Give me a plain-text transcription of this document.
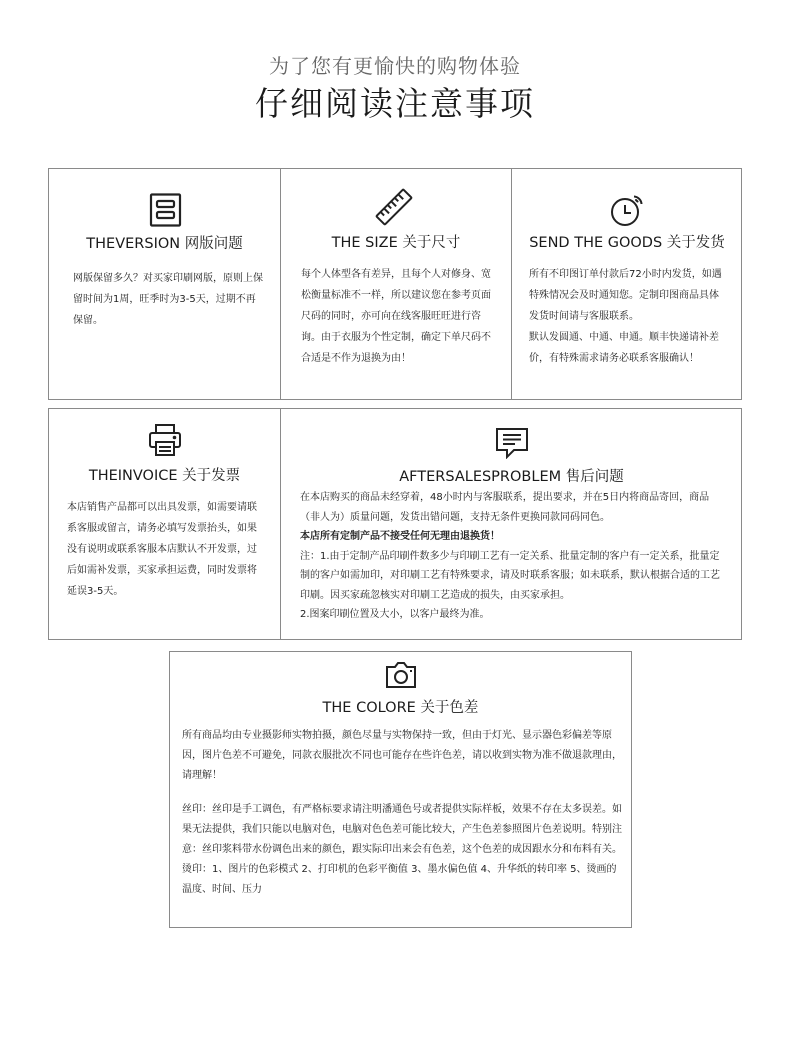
为了您有更愉快的购物体验
仔细阅读注意事项
THEVERSION 网版问题

网版保留多久？对买家印刷网版，原则上保留时间为1周，旺季时为3-5天，过期不再保留。

THE SIZE 关于尺寸

每个人体型各有差异，且每个人对修身、宽松衡量标准不一样，所以建议您在参考页面尺码的同时，亦可向在线客服旺旺进行咨询。由于衣服为个性定制，确定下单尺码不合适是不作为退换为由！

SEND THE GOODS 关于发货

所有不印图订单付款后72小时内发货，如遇特殊情况会及时通知您。定制印图商品具体发货时间请与客服联系。

默认发圆通、中通、申通。顺丰快递请补差价，有特殊需求请务必联系客服确认！

THEINVOICE 关于发票

本店销售产品都可以出具发票，如需要请联系客服或留言，请务必填写发票抬头，如果没有说明或联系客服本店默认不开发票，过后如需补发票，买家承担运费，同时发票将延误3-5天。

AFTERSALESPROBLEM 售后问题

在本店购买的商品未经穿着，48小时内与客服联系，提出要求，并在5日内将商品寄回，商品（非人为）质量问题，发货出错问题，支持无条件更换同款同码同色。

本店所有定制产品不接受任何无理由退换货！

注：1.由于定制产品印刷件数多少与印刷工艺有一定关系、批量定制的客户有一定关系，批量定制的客户如需加印，对印刷工艺有特殊要求，请及时联系客服；如未联系，默认根据合适的工艺印刷。因买家疏忽核实对印刷工艺造成的损失，由买家承担。

2.图案印刷位置及大小，以客户最终为准。

THE COLORE 关于色差

所有商品均由专业摄影师实物拍摄，颜色尽量与实物保持一致，但由于灯光、显示器色彩偏差等原因，图片色差不可避免，同款衣服批次不同也可能存在些许色差，请以收到实物为准不做退款理由，请理解！

丝印：丝印是手工调色，有严格标要求请注明潘通色号或者提供实际样板，效果不存在太多误差。如果无法提供，我们只能以电脑对色，电脑对色色差可能比较大，产生色差参照图片色差说明。特别注意：丝印浆料带水份调色出来的颜色，跟实际印出来会有色差，这个色差的成因跟水分和布料有关。

烫印：1、图片的色彩模式 2、打印机的色彩平衡值 3、墨水偏色值 4、升华纸的转印率 5、烫画的温度、时间、压力
